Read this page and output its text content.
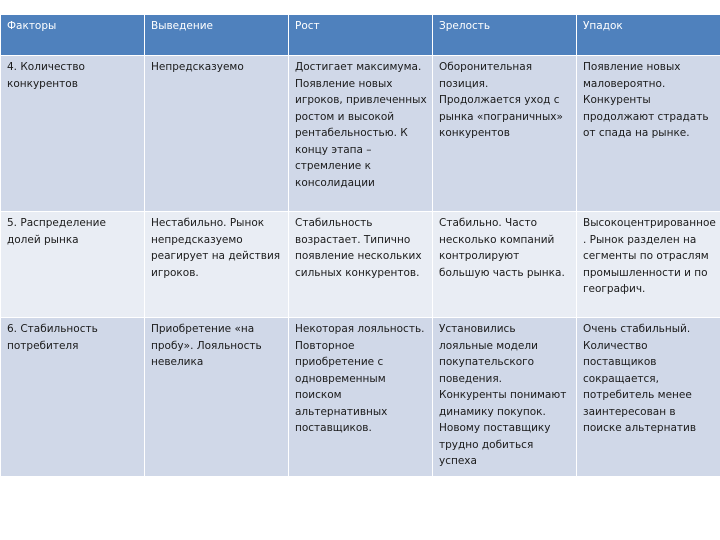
Факторы	Выведение	Рост	Зрелость	Упадок
4. Количество конкурентов	Непредсказуемо	Достигает максимума. Появление новых игроков, привлеченных ростом и высокой рентабельностью. К концу этапа – стремление к консолидации	Оборонительная позиция. Продолжается уход с рынка «пограничных» конкурентов	Появление новых маловероятно. Конкуренты продолжают страдать от спада на рынке.
5. Распределение долей рынка	Нестабильно. Рынок непредсказуемо реагирует на действия игроков.	Стабильность возрастает. Типично появление нескольких сильных конкурентов.	Стабильно. Часто несколько компаний контролируют большую часть рынка.	Высокоцентрированное. Рынок разделен на сегменты по отраслям промышленности и по географич.
6. Стабильность потребителя	Приобретение «на пробу». Лояльность невелика	Некоторая лояльность. Повторное приобретение с одновременным поиском альтернативных поставщиков.	Установились лояльные модели покупательского поведения. Конкуренты понимают динамику покупок. Новому поставщику трудно добиться успеха	Очень стабильный. Количество поставщиков сокращается, потребитель менее заинтересован в поиске альтернатив
